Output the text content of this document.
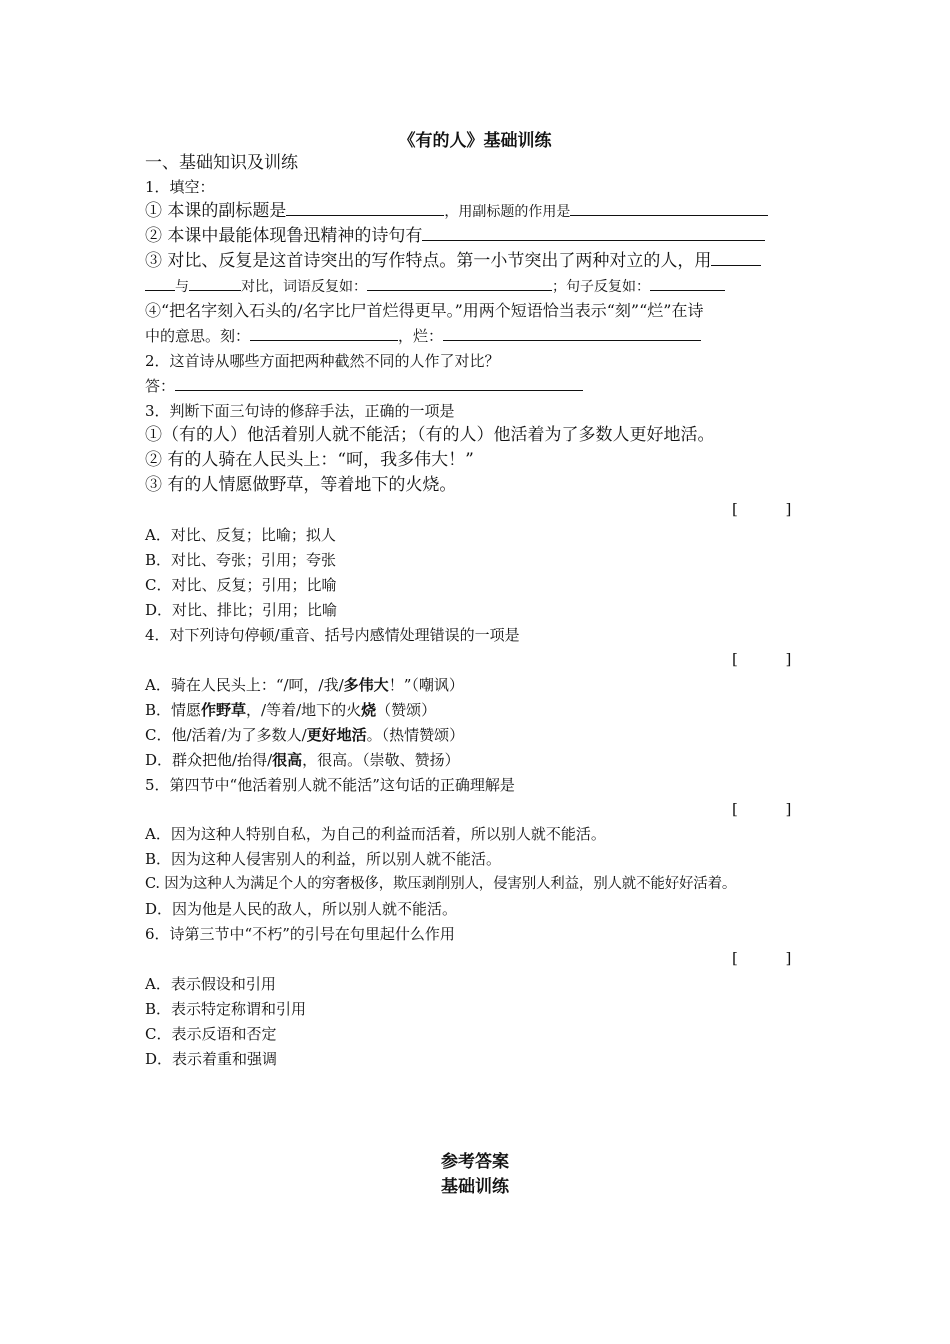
《有的人》基础训练
一、基础知识及训练
1．填空：
① 本课的副标题是	，用副标题的作用是
② 本课中最能体现鲁迅精神的诗句有
③ 对比、反复是这首诗突出的写作特点。第一小节突出了两种对立的人，用
与	对比，词语反复如：	；句子反复如：
④“把名字刻入石头的/名字比尸首烂得更早。”用两个短语恰当表示“刻”“烂”在诗
中的意思。刻：	，烂：
2．这首诗从哪些方面把两种截然不同的人作了对比？
答：
3．判断下面三句诗的修辞手法，正确的一项是
①（有的人）他活着别人就不能活；（有的人）他活着为了多数人更好地活。
② 有的人骑在人民头上：“呵，我多伟大！”
③ 有的人情愿做野草，等着地下的火烧。
[          ]
A．对比、反复；比喻；拟人
B．对比、夸张；引用；夸张
C．对比、反复；引用；比喻
D．对比、排比；引用；比喻
4．对下列诗句停顿/重音、括号内感情处理错误的一项是
[          ]
A．骑在人民头上：“/呵，/我/多伟大！”（嘲讽）
B．情愿作野草，/等着/地下的火烧（赞颂）
C．他/活着/为了多数人/更好地活。（热情赞颂）
D．群众把他/抬得/很高，很高。（崇敬、赞扬）
5．第四节中“他活着别人就不能活”这句话的正确理解是
[          ]
A．因为这种人特别自私，为自己的利益而活着，所以别人就不能活。
B．因为这种人侵害别人的利益，所以别人就不能活。
C. 因为这种人为满足个人的穷奢极侈，欺压剥削别人，侵害别人利益，别人就不能好好活着。
D．因为他是人民的敌人，所以别人就不能活。
6．诗第三节中“不朽”的引号在句里起什么作用
[          ]
A．表示假设和引用
B．表示特定称谓和引用
C．表示反语和否定
D．表示着重和强调
参考答案
基础训练
